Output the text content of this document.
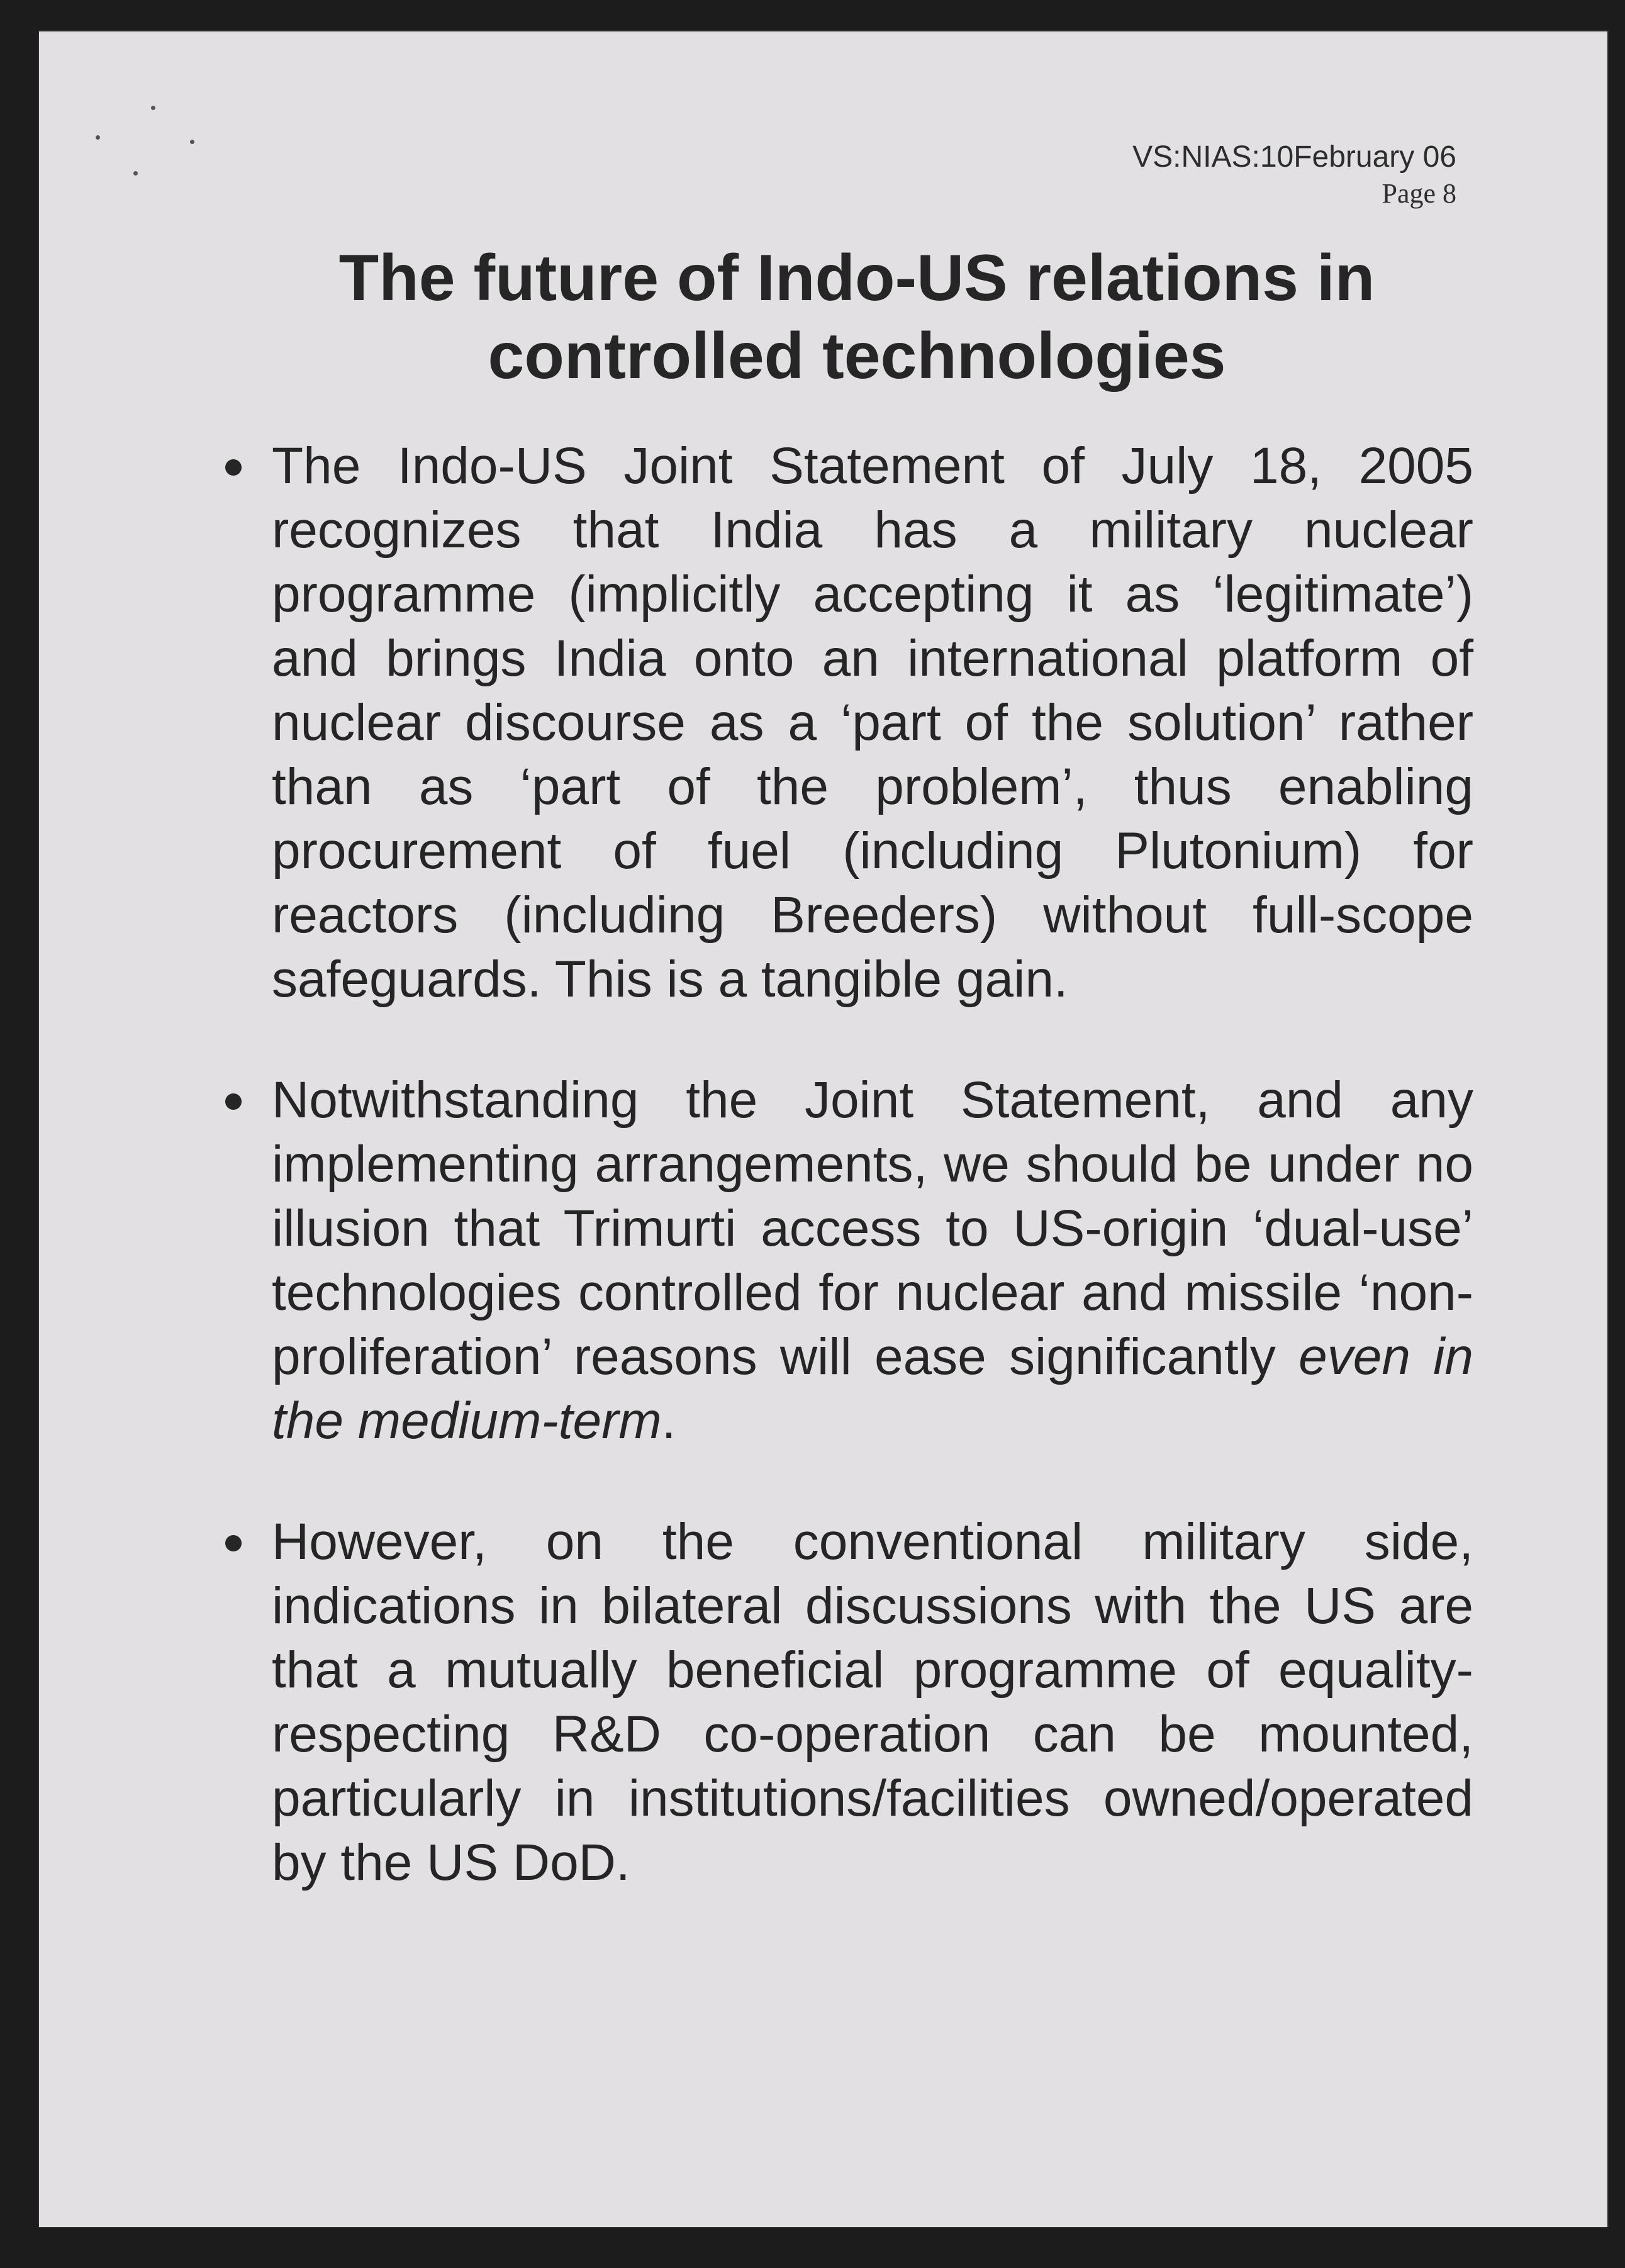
VS:NIAS:10February 06
Page 8
The future of Indo-US relations in
controlled technologies
The Indo-US Joint Statement of July 18, 2005 recognizes that India has a military nuclear programme (implicitly accepting it as ‘legitimate’) and brings India onto an international platform of nuclear discourse as a ‘part of the solution’ rather than as ‘part of the problem’, thus enabling procurement of fuel (including Plutonium) for reactors (including Breeders) without full-scope safeguards. This is a tangible gain.
Notwithstanding the Joint Statement, and any implementing arrangements, we should be under no illusion that Trimurti access to US-origin ‘dual-use’ technologies controlled for nuclear and missile ‘non-proliferation’ reasons will ease significantly even in the medium-term.
However, on the conventional military side, indications in bilateral discussions with the US are that a mutually beneficial programme of equality-respecting R&D co-operation can be mounted, particularly in institutions/facilities owned/operated by the US DoD.
